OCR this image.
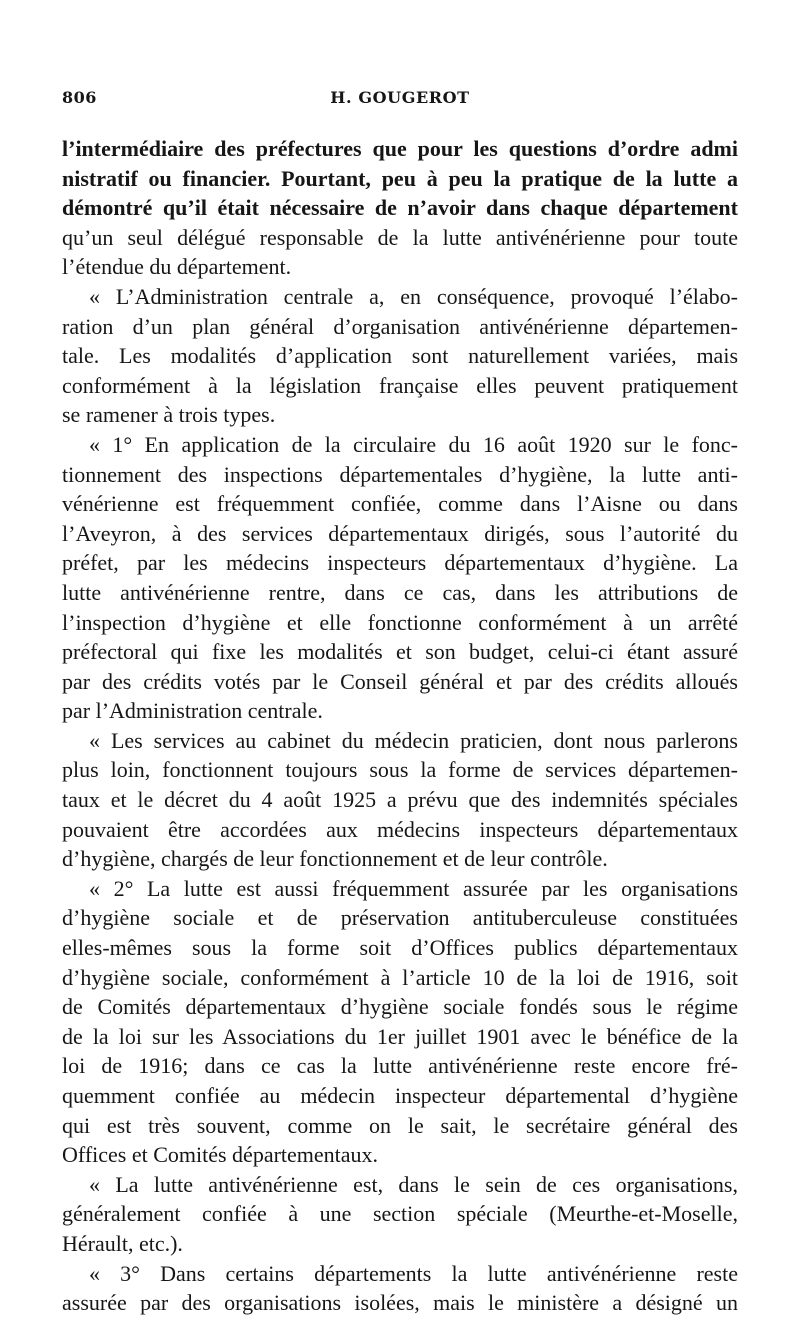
806	H. GOUGEROT
l’intermédiaire des préfectures que pour les questions d’ordre admi
nistratif ou financier. Pourtant, peu à peu la pratique de la lutte a
démontré qu’il était nécessaire de n’avoir dans chaque département
qu’un seul délégué responsable de la lutte antivénérienne pour toute
l’étendue du département.
« L’Administration centrale a, en conséquence, provoqué l’élabo-
ration d’un plan général d’organisation antivénérienne départemen-
tale. Les modalités d’application sont naturellement variées, mais
conformément à la législation française elles peuvent pratiquement
se ramener à trois types.
« 1° En application de la circulaire du 16 août 1920 sur le fonc-
tionnement des inspections départementales d’hygiène, la lutte anti-
vénérienne est fréquemment confiée, comme dans l’Aisne ou dans
l’Aveyron, à des services départementaux dirigés, sous l’autorité du
préfet, par les médecins inspecteurs départementaux d’hygiène. La
lutte antivénérienne rentre, dans ce cas, dans les attributions de
l’inspection d’hygiène et elle fonctionne conformément à un arrêté
préfectoral qui fixe les modalités et son budget, celui-ci étant assuré
par des crédits votés par le Conseil général et par des crédits alloués
par l’Administration centrale.
« Les services au cabinet du médecin praticien, dont nous parlerons
plus loin, fonctionnent toujours sous la forme de services départemen-
taux et le décret du 4 août 1925 a prévu que des indemnités spéciales
pouvaient être accordées aux médecins inspecteurs départementaux
d’hygiène, chargés de leur fonctionnement et de leur contrôle.
« 2° La lutte est aussi fréquemment assurée par les organisations
d’hygiène sociale et de préservation antituberculeuse constituées
elles-mêmes sous la forme soit d’Offices publics départementaux
d’hygiène sociale, conformément à l’article 10 de la loi de 1916, soit
de Comités départementaux d’hygiène sociale fondés sous le régime
de la loi sur les Associations du 1er juillet 1901 avec le bénéfice de la
loi de 1916; dans ce cas la lutte antivénérienne reste encore fré-
quemment confiée au médecin inspecteur départemental d’hygiène
qui est très souvent, comme on le sait, le secrétaire général des
Offices et Comités départementaux.
« La lutte antivénérienne est, dans le sein de ces organisations,
généralement confiée à une section spéciale (Meurthe-et-Moselle,
Hérault, etc.).
« 3° Dans certains départements la lutte antivénérienne reste
assurée par des organisations isolées, mais le ministère a désigné un
